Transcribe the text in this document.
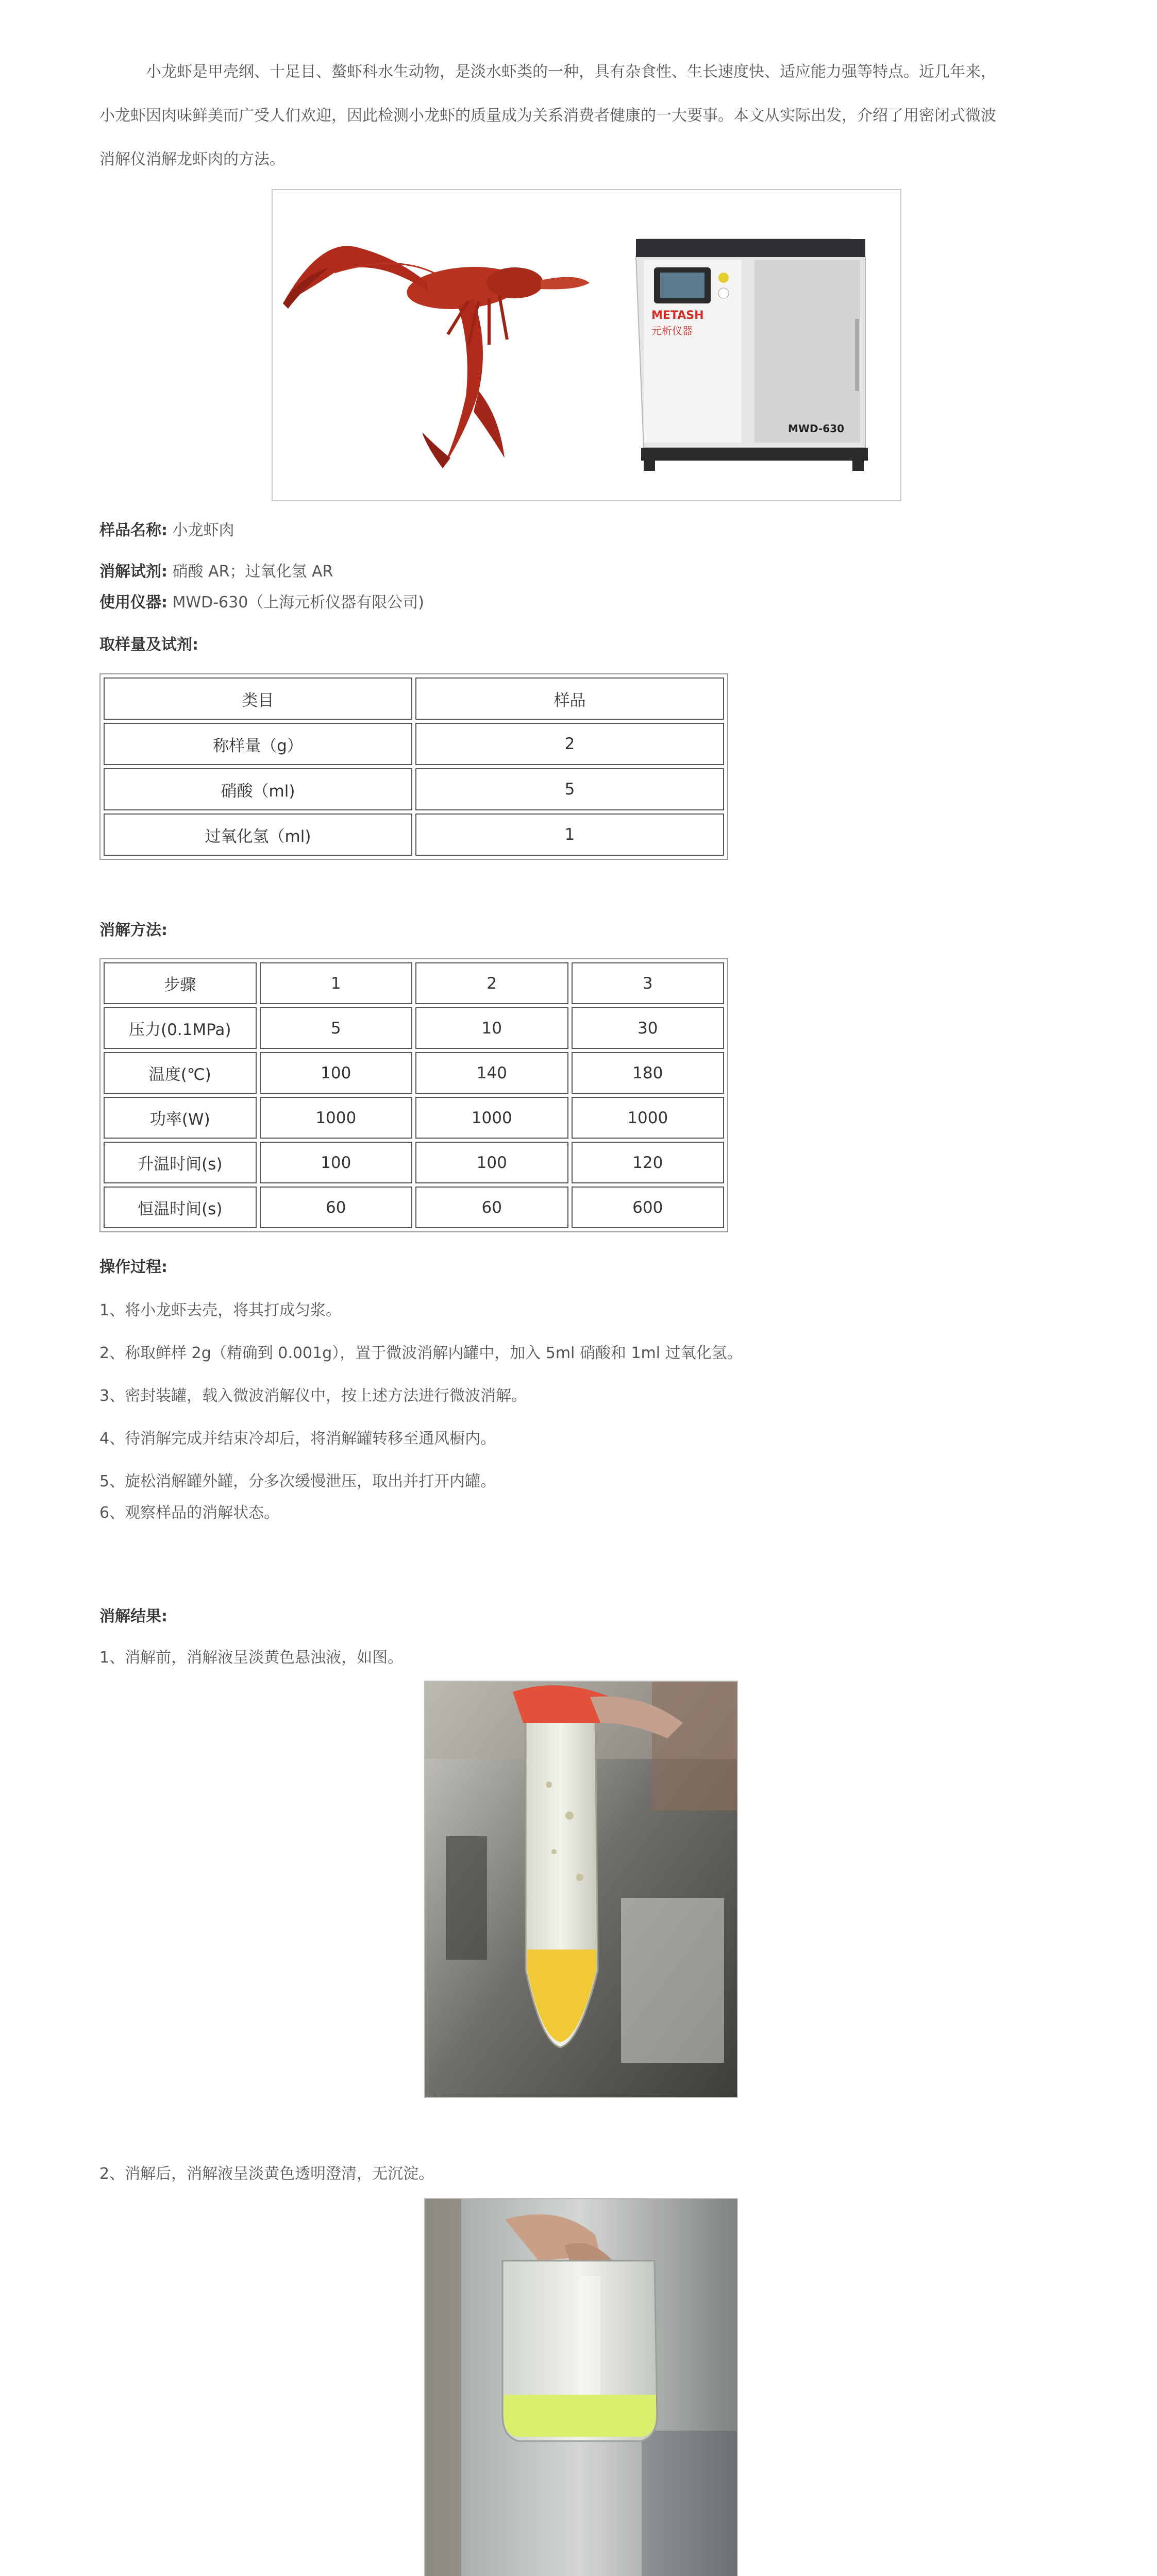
小龙虾是甲壳纲、十足目、螯虾科水生动物，是淡水虾类的一种，具有杂食性、生长速度快、适应能力强等特点。近几年来，
小龙虾因肉味鲜美而广受人们欢迎，因此检测小龙虾的质量成为关系消费者健康的一大要事。本文从实际出发，介绍了用密闭式微波
消解仪消解龙虾肉的方法。
METASH
元析仪器
MWD-630
样品名称: 小龙虾肉
消解试剂: 硝酸 AR；过氧化氢 AR
使用仪器: MWD-630（上海元析仪器有限公司)
取样量及试剂:
类目	样品
称样量（g）	2
硝酸（ml)	5
过氧化氢（ml)	1
消解方法:
步骤	1	2	3
压力(0.1MPa)	5	10	30
温度(℃)	100	140	180
功率(W)	1000	1000	1000
升温时间(s)	100	100	120
恒温时间(s)	60	60	600
操作过程:
1、将小龙虾去壳，将其打成匀浆。
2、称取鲜样 2g（精确到 0.001g），置于微波消解内罐中，加入 5ml 硝酸和 1ml 过氧化氢。
3、密封装罐，载入微波消解仪中，按上述方法进行微波消解。
4、待消解完成并结束冷却后，将消解罐转移至通风橱内。
5、旋松消解罐外罐，分多次缓慢泄压，取出并打开内罐。
6、观察样品的消解状态。
消解结果:
1、消解前，消解液呈淡黄色悬浊液，如图。
2、消解后，消解液呈淡黄色透明澄清，无沉淀。
